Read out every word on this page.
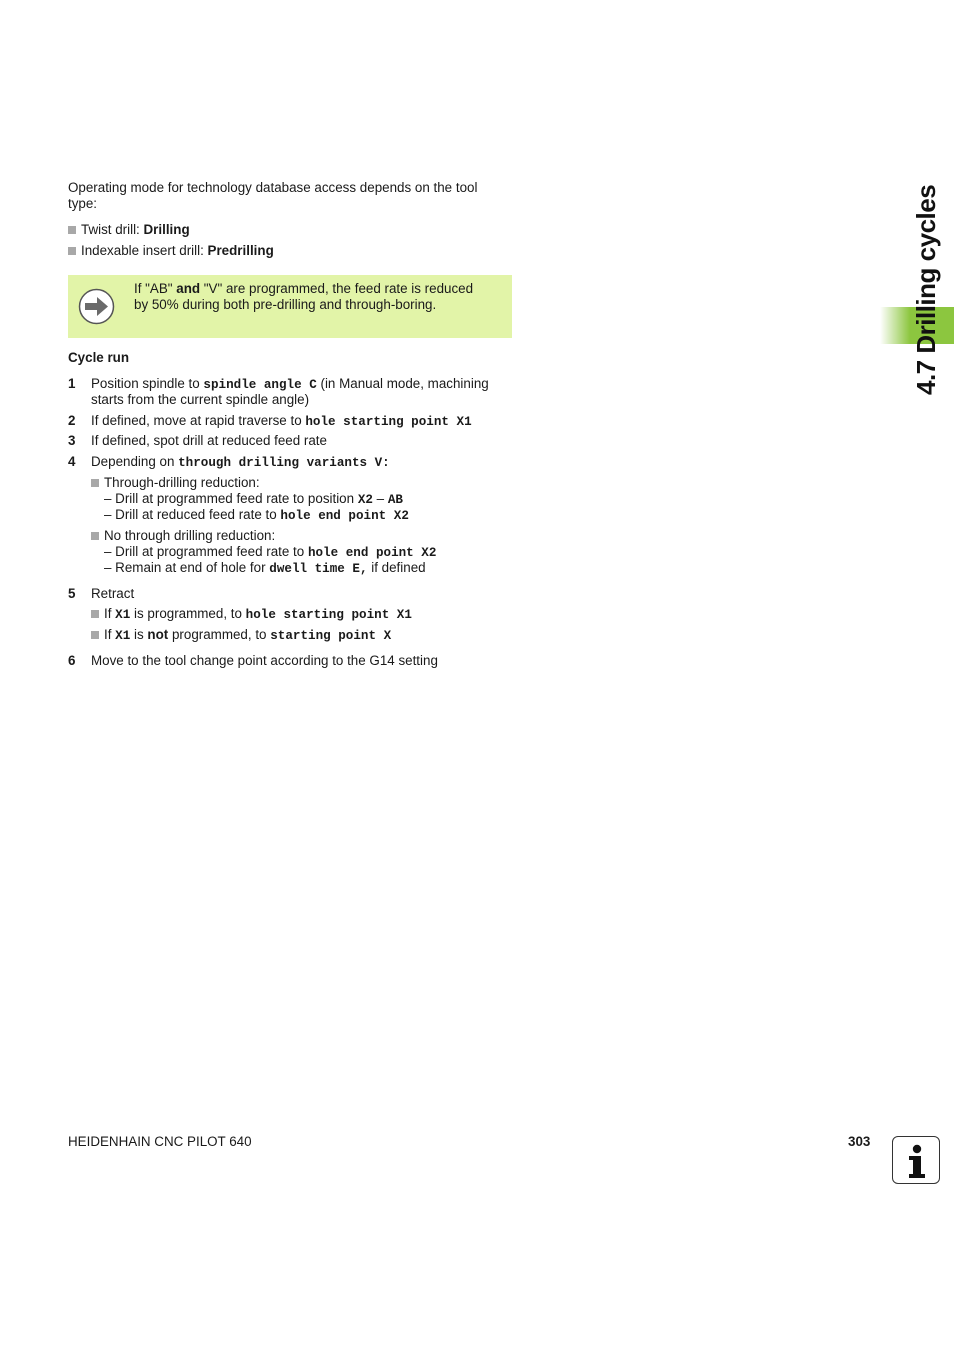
Operating mode for technology database access depends on the tool
type:
Twist drill: Drilling
Indexable insert drill: Predrilling
If "AB" and "V" are programmed, the feed rate is reduced
by 50% during both pre-drilling and through-boring.
Cycle run
1 Position spindle to spindle angle C (in Manual mode, machining
starts from the current spindle angle)
2 If defined, move at rapid traverse to hole starting point X1
3 If defined, spot drill at reduced feed rate
4 Depending on through drilling variants V:
Through-drilling reduction:
– Drill at programmed feed rate to position X2 – AB
– Drill at reduced feed rate to hole end point X2
No through drilling reduction:
– Drill at programmed feed rate to hole end point X2
– Remain at end of hole for dwell time E, if defined
5 Retract
If X1 is programmed, to hole starting point X1
If X1 is not programmed, to starting point X
6 Move to the tool change point according to the G14 setting
4.7 Drilling cycles
HEIDENHAIN CNC PILOT 640	303
